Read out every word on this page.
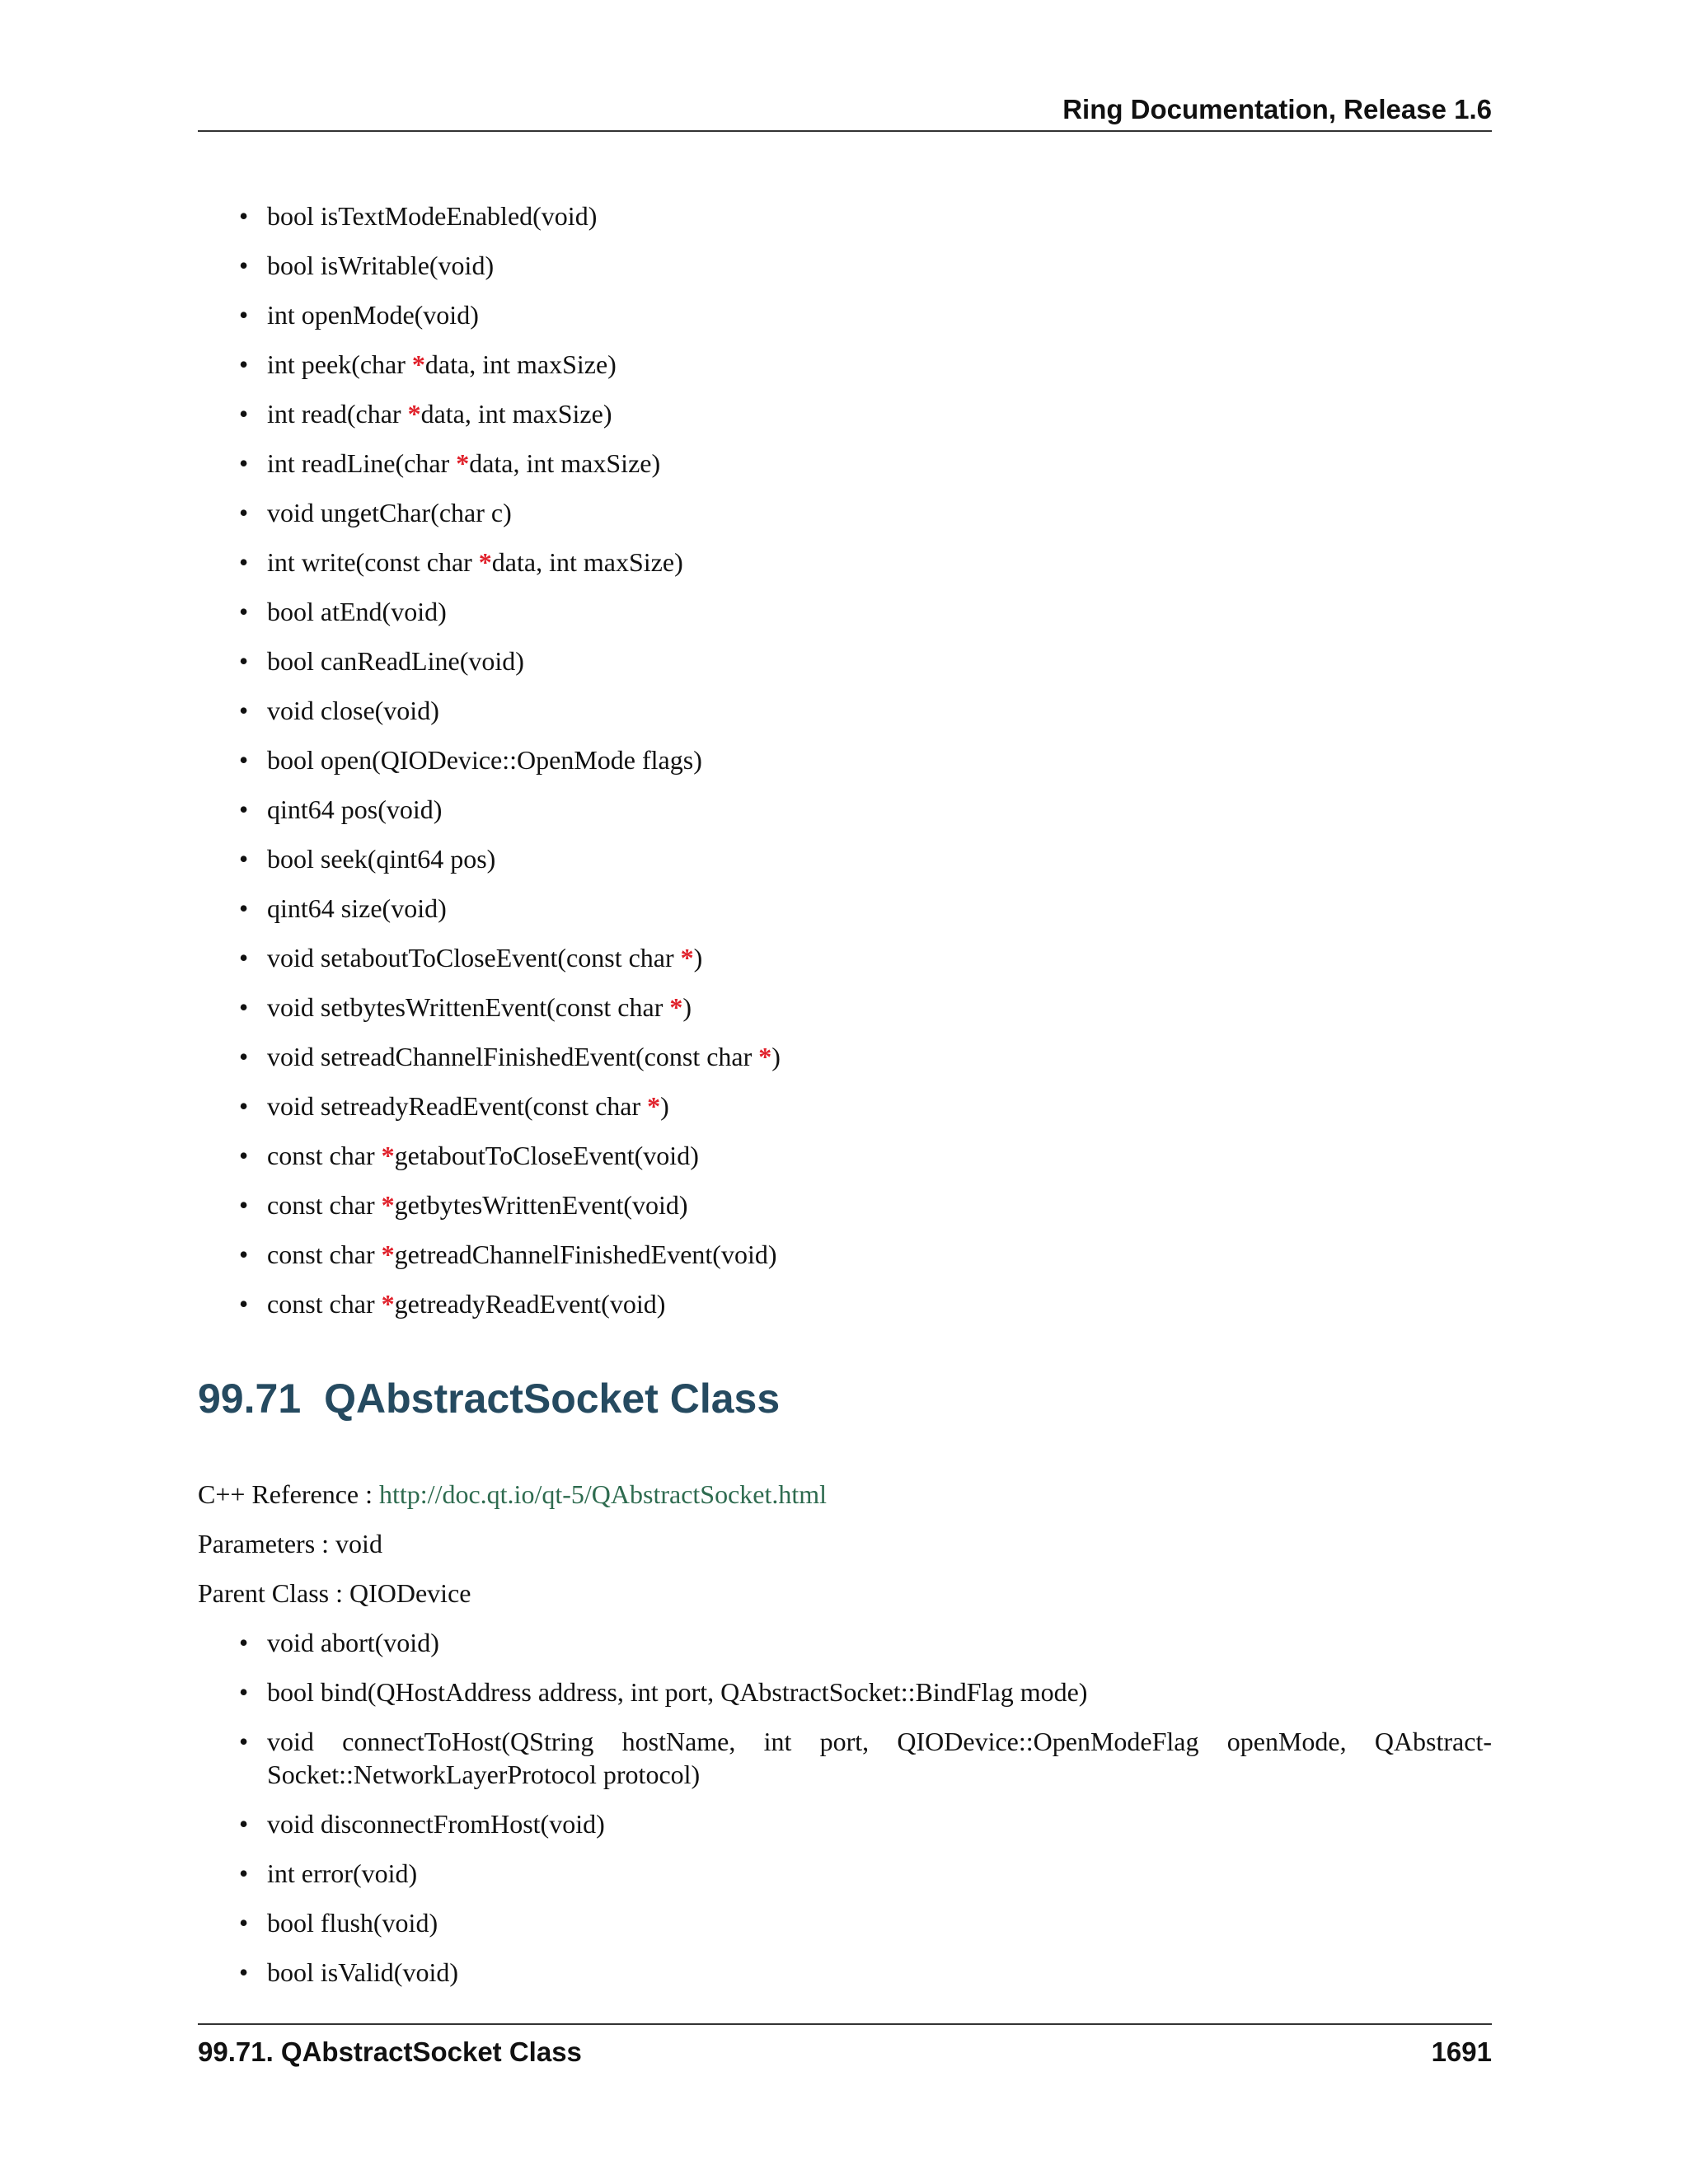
Ring Documentation, Release 1.6
• bool isTextModeEnabled(void)
• bool isWritable(void)
• int openMode(void)
• int peek(char *data, int maxSize)
• int read(char *data, int maxSize)
• int readLine(char *data, int maxSize)
• void ungetChar(char c)
• int write(const char *data, int maxSize)
• bool atEnd(void)
• bool canReadLine(void)
• void close(void)
• bool open(QIODevice::OpenMode flags)
• qint64 pos(void)
• bool seek(qint64 pos)
• qint64 size(void)
• void setaboutToCloseEvent(const char *)
• void setbytesWrittenEvent(const char *)
• void setreadChannelFinishedEvent(const char *)
• void setreadyReadEvent(const char *)
• const char *getaboutToCloseEvent(void)
• const char *getbytesWrittenEvent(void)
• const char *getreadChannelFinishedEvent(void)
• const char *getreadyReadEvent(void)
99.71 QAbstractSocket Class
C++ Reference : http://doc.qt.io/qt-5/QAbstractSocket.html
Parameters : void
Parent Class : QIODevice
• void abort(void)
• bool bind(QHostAddress address, int port, QAbstractSocket::BindFlag mode)
• void connectToHost(QString hostName, int port, QIODevice::OpenModeFlag openMode, QAbstract-
Socket::NetworkLayerProtocol protocol)
• void disconnectFromHost(void)
• int error(void)
• bool flush(void)
• bool isValid(void)
99.71. QAbstractSocket Class	1691
